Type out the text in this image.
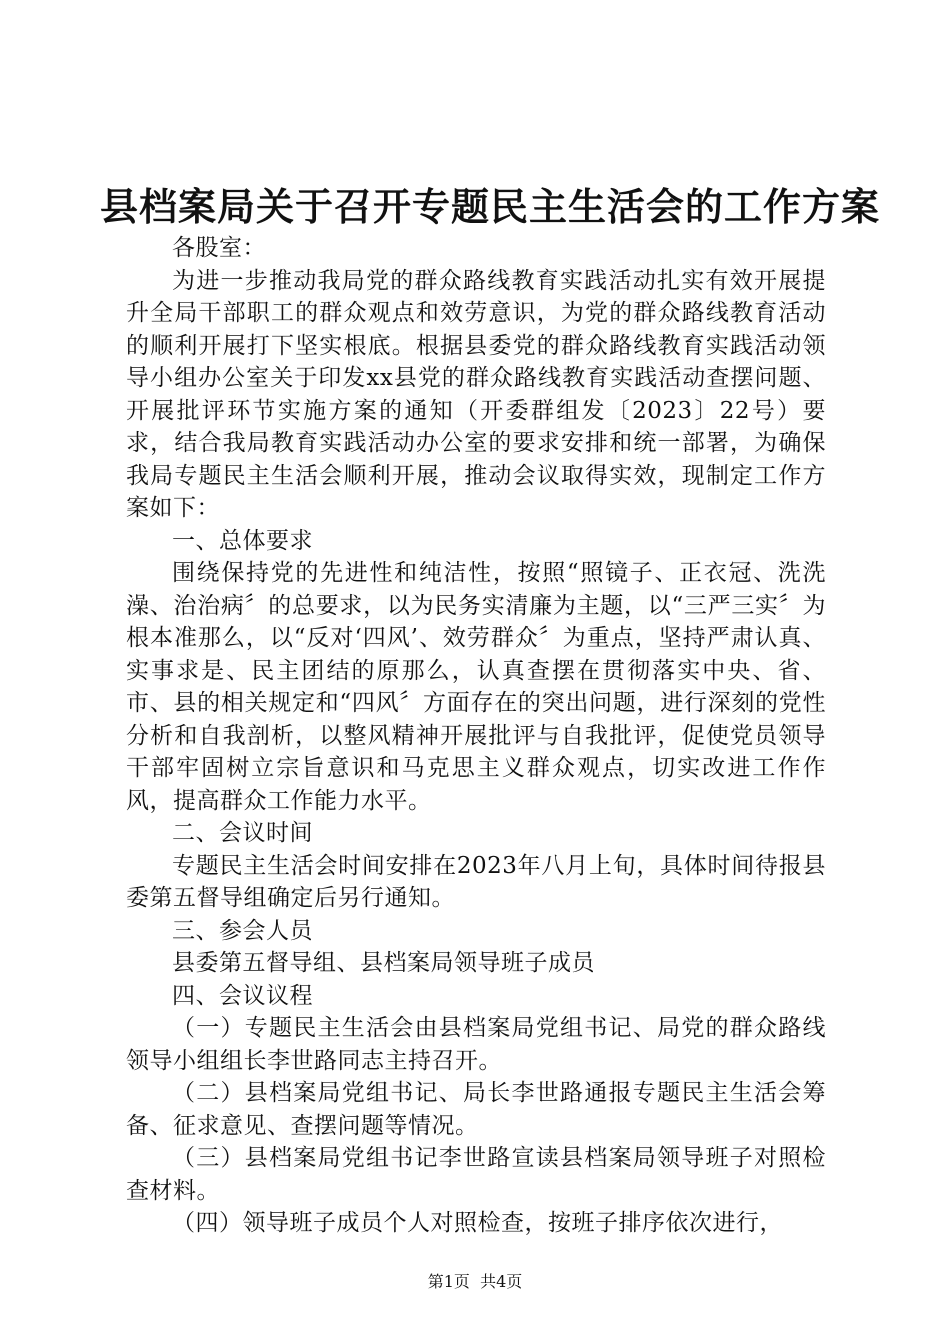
县档案局关于召开专题民主生活会的工作方案

各股室：

为进一步推动我局党的群众路线教育实践活动扎实有效开展提升全局干部职工的群众观点和效劳意识，为党的群众路线教育活动的顺利开展打下坚实根底。根据县委党的群众路线教育实践活动领导小组办公室关于印发xx县党的群众路线教育实践活动查摆问题、开展批评环节实施方案的通知（开委群组发〔2023〕22号）要求，结合我局教育实践活动办公室的要求安排和统一部署，为确保我局专题民主生活会顺利开展，推动会议取得实效，现制定工作方案如下：

一、总体要求

围绕保持党的先进性和纯洁性，按照“照镜子、正衣冠、洗洗澡、治治病〞的总要求，以为民务实清廉为主题，以“三严三实〞为根本准那么，以“反对‘四风’、效劳群众〞为重点，坚持严肃认真、实事求是、民主团结的原那么，认真查摆在贯彻落实中央、省、市、县的相关规定和“四风〞方面存在的突出问题，进行深刻的党性分析和自我剖析，以整风精神开展批评与自我批评，促使党员领导干部牢固树立宗旨意识和马克思主义群众观点，切实改进工作作风，提高群众工作能力水平。

二、会议时间

专题民主生活会时间安排在2023年八月上旬，具体时间待报县委第五督导组确定后另行通知。

三、参会人员

县委第五督导组、县档案局领导班子成员

四、会议议程

（一）专题民主生活会由县档案局党组书记、局党的群众路线领导小组组长李世路同志主持召开。

（二）县档案局党组书记、局长李世路通报专题民主生活会筹备、征求意见、查摆问题等情况。

（三）县档案局党组书记李世路宣读县档案局领导班子对照检查材料。

（四）领导班子成员个人对照检查，按班子排序依次进行，

第1页  共4页
